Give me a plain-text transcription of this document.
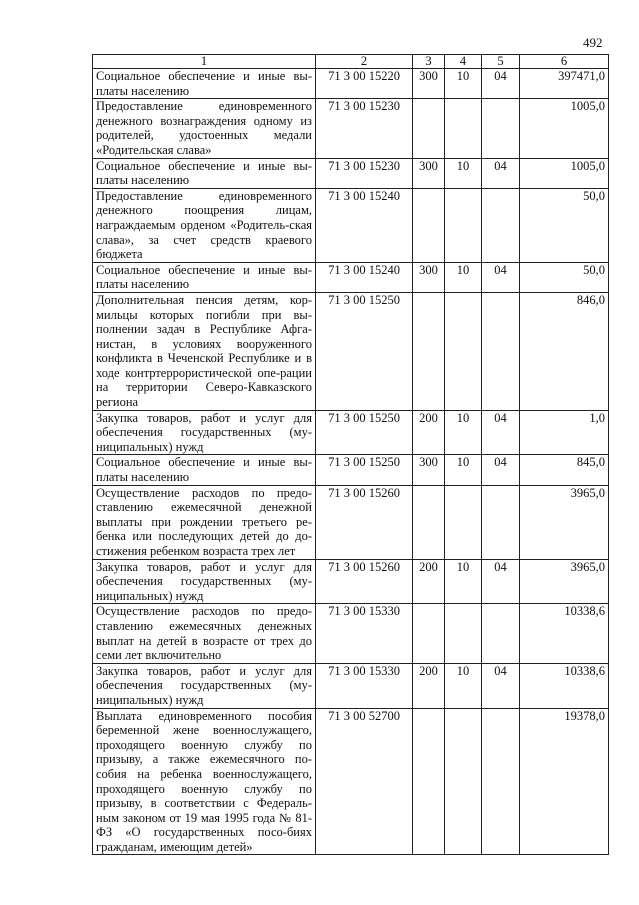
492
1	2	3	4	5	6
Социальное обеспечение и иные вы- платы населению	71 3 00 15220	300	10	04	397471,0
Предоставление единовременного денежного вознаграждения одному из родителей, удостоенных медали «Родительская слава»	71 3 00 15230				1005,0
Социальное обеспечение и иные вы- платы населению	71 3 00 15230	300	10	04	1005,0
Предоставление единовременного денежного поощрения лицам, награждаемым орденом «Родитель-ская слава», за счет средств краевого бюджета	71 3 00 15240				50,0
Социальное обеспечение и иные вы- платы населению	71 3 00 15240	300	10	04	50,0
Дополнительная пенсия детям, кор-мильцы которых погибли при вы-полнении задач в Республике Афга-нистан, в условиях вооруженного конфликта в Чеченской Республике и в ходе контртеррористической опе-рации на территории Северо-Кавказского региона	71 3 00 15250				846,0
Закупка товаров, работ и услуг для обеспечения государственных (му-ниципальных) нужд	71 3 00 15250	200	10	04	1,0
Социальное обеспечение и иные вы- платы населению	71 3 00 15250	300	10	04	845,0
Осуществление расходов по предо-ставлению ежемесячной денежной выплаты при рождении третьего ре-бенка или последующих детей до до-стижения ребенком возраста трех лет	71 3 00 15260				3965,0
Закупка товаров, работ и услуг для обеспечения государственных (му-ниципальных) нужд	71 3 00 15260	200	10	04	3965,0
Осуществление расходов по предо-ставлению ежемесячных денежных выплат на детей в возрасте от трех до семи лет включительно	71 3 00 15330				10338,6
Закупка товаров, работ и услуг для обеспечения государственных (му-ниципальных) нужд	71 3 00 15330	200	10	04	10338,6
Выплата единовременного пособия беременной жене военнослужащего, проходящего военную службу по призыву, а также ежемесячного по-собия на ребенка военнослужащего, проходящего военную службу по призыву, в соответствии с Федераль-ным законом от 19 мая 1995 года № 81-ФЗ «О государственных посо-биях гражданам, имеющим детей»	71 3 00 52700				19378,0
